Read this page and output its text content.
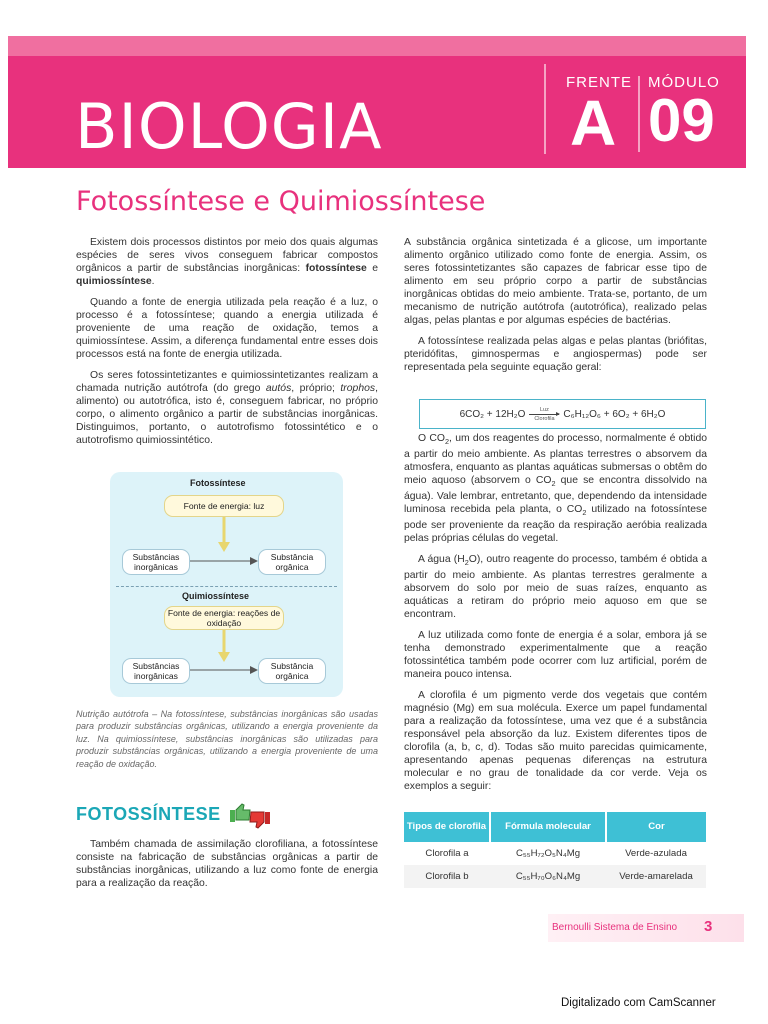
BIOLOGIA
FRENTE
A
MÓDULO
09
Fotossíntese e Quimiossíntese

Existem dois processos distintos por meio dos quais algumas espécies de seres vivos conseguem fabricar compostos orgânicos a partir de substâncias inorgânicas: fotossíntese e quimiossíntese.

Quando a fonte de energia utilizada pela reação é a luz, o processo é a fotossíntese; quando a energia utilizada é proveniente de uma reação de oxidação, temos a quimiossíntese. Assim, a diferença fundamental entre esses dois processos está na fonte de energia utilizada.

Os seres fotossintetizantes e quimiossintetizantes realizam a chamada nutrição autótrofa (do grego autós, próprio; trophos, alimento) ou autotrófica, isto é, conseguem fabricar, no próprio corpo, o alimento orgânico a partir de substâncias inorgânicas. Distinguimos, portanto, o autotrofismo fotossintético e o autotrofismo quimiossintético.

Fotossíntese
Fonte de energia: luz
Substâncias inorgânicas
Substância orgânica
Quimiossíntese
Fonte de energia: reações de oxidação
Substâncias inorgânicas
Substância orgânica
Nutrição autótrofa – Na fotossíntese, substâncias inorgânicas são usadas para produzir substâncias orgânicas, utilizando a energia proveniente da luz. Na quimiossíntese, substâncias inorgânicas são utilizadas para produzir substâncias orgânicas, utilizando a energia proveniente de uma reação de oxidação.
FOTOSSÍNTESE
Também chamada de assimilação clorofiliana, a fotossíntese consiste na fabricação de substâncias orgânicas a partir de substâncias inorgânicas, utilizando a luz como fonte de energia para a realização da reação.

A substância orgânica sintetizada é a glicose, um importante alimento orgânico utilizado como fonte de energia. Assim, os seres fotossintetizantes são capazes de fabricar esse tipo de alimento em seu próprio corpo a partir de substâncias inorgânicas obtidas do meio ambiente. Trata-se, portanto, de um mecanismo de nutrição autótrofa (autotrófica), realizado pelas algas, pelas plantas e por algumas espécies de bactérias.

A fotossíntese realizada pelas algas e pelas plantas (briófitas, pteridófitas, gimnospermas e angiospermas) pode ser representada pela seguinte equação geral:

O $CO_2$, um dos reagentes do processo, normalmente é obtido a partir do meio ambiente. As plantas terrestres o absorvem da atmosfera, enquanto as plantas aquáticas submersas o obtêm do meio aquoso (absorvem o $CO_2$ que se encontra dissolvido na água). Vale lembrar, entretanto, que, dependendo da intensidade luminosa recebida pela planta, o $CO_2$ utilizado na fotossíntese pode ser proveniente da reação da respiração aeróbia realizada pelas próprias células do vegetal.

A água $(H_2O)$, outro reagente do processo, também é obtida a partir do meio ambiente. As plantas terrestres geralmente a absorvem do solo por meio de suas raízes, enquanto as aquáticas a retiram do próprio meio aquoso em que se encontram.

A luz utilizada como fonte de energia é a solar, embora já se tenha demonstrado experimentalmente que a reação fotossintética também pode ocorrer com luz artificial, porém de maneira pouco intensa.

A clorofila é um pigmento verde dos vegetais que contém magnésio (Mg) em sua molécula. Exerce um papel fundamental para a realização da fotossíntese, uma vez que é a substância responsável pela absorção da luz. Existem diferentes tipos de clorofila (a, b, c, d). Todas são muito parecidas quimicamente, apresentando apenas pequenas diferenças na estrutura molecular e no grau de tonalidade da cor verde. Veja os exemplos a seguir:

6CO₂ + 12H₂O	Luz
Clorofila C₆H₁₂O₆ + 6O₂ + 6H₂O
Tipos de clorofila	Fórmula molecular	Cor
Clorofila a	C₅₅H₇₂O₅N₄Mg	Verde-azulada
Clorofila b	C₅₅H₇₀O₆N₄Mg	Verde-amarelada
Bernoulli Sistema de Ensino 3
Digitalizado com CamScanner
